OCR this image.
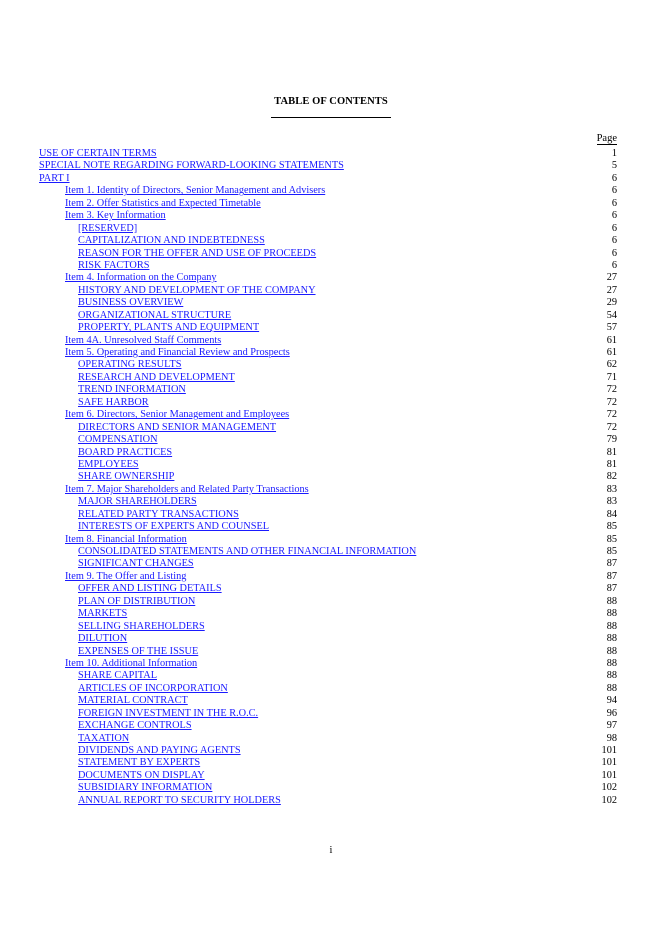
TABLE OF CONTENTS
Page
USE OF CERTAIN TERMS	1
SPECIAL NOTE REGARDING FORWARD-LOOKING STATEMENTS	5
PART I	6
Item 1. Identity of Directors, Senior Management and Advisers	6
Item 2. Offer Statistics and Expected Timetable	6
Item 3. Key Information	6
[RESERVED]	6
CAPITALIZATION AND INDEBTEDNESS	6
REASON FOR THE OFFER AND USE OF PROCEEDS	6
RISK FACTORS	6
Item 4. Information on the Company	27
HISTORY AND DEVELOPMENT OF THE COMPANY	27
BUSINESS OVERVIEW	29
ORGANIZATIONAL STRUCTURE	54
PROPERTY, PLANTS AND EQUIPMENT	57
Item 4A. Unresolved Staff Comments	61
Item 5. Operating and Financial Review and Prospects	61
OPERATING RESULTS	62
RESEARCH AND DEVELOPMENT	71
TREND INFORMATION	72
SAFE HARBOR	72
Item 6. Directors, Senior Management and Employees	72
DIRECTORS AND SENIOR MANAGEMENT	72
COMPENSATION	79
BOARD PRACTICES	81
EMPLOYEES	81
SHARE OWNERSHIP	82
Item 7. Major Shareholders and Related Party Transactions	83
MAJOR SHAREHOLDERS	83
RELATED PARTY TRANSACTIONS	84
INTERESTS OF EXPERTS AND COUNSEL	85
Item 8. Financial Information	85
CONSOLIDATED STATEMENTS AND OTHER FINANCIAL INFORMATION	85
SIGNIFICANT CHANGES	87
Item 9. The Offer and Listing	87
OFFER AND LISTING DETAILS	87
PLAN OF DISTRIBUTION	88
MARKETS	88
SELLING SHAREHOLDERS	88
DILUTION	88
EXPENSES OF THE ISSUE	88
Item 10. Additional Information	88
SHARE CAPITAL	88
ARTICLES OF INCORPORATION	88
MATERIAL CONTRACT	94
FOREIGN INVESTMENT IN THE R.O.C.	96
EXCHANGE CONTROLS	97
TAXATION	98
DIVIDENDS AND PAYING AGENTS	101
STATEMENT BY EXPERTS	101
DOCUMENTS ON DISPLAY	101
SUBSIDIARY INFORMATION	102
ANNUAL REPORT TO SECURITY HOLDERS	102
i
